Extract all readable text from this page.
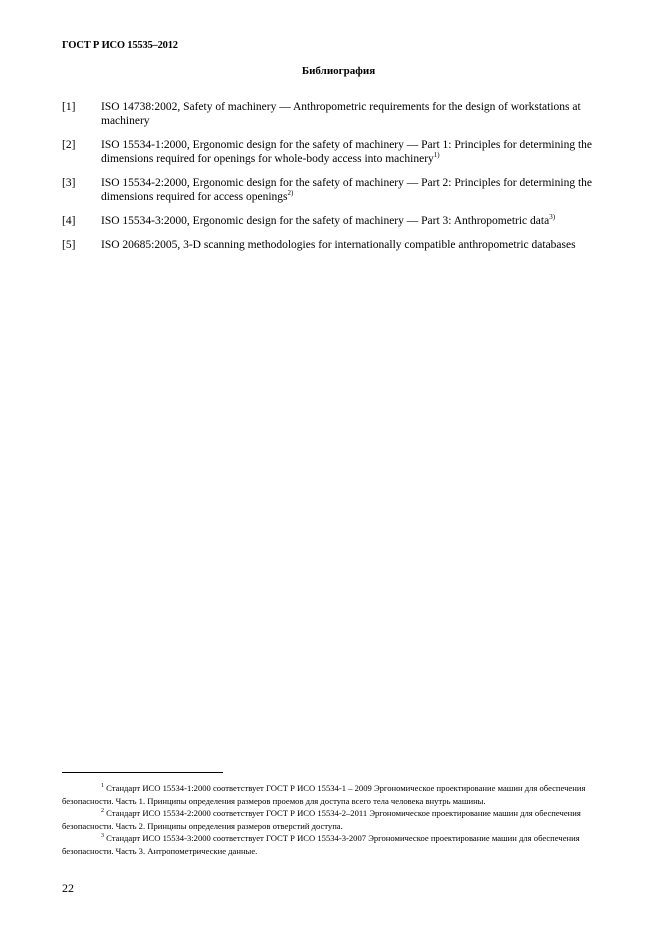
ГОСТ Р ИСО 15535–2012
Библиография
[1]	ISO 14738:2002, Safety of machinery — Anthropometric requirements for the design of workstations at machinery
[2]	ISO 15534-1:2000, Ergonomic design for the safety of machinery — Part 1: Principles for determining the dimensions required for openings for whole-body access into machinery$^{1)}$
[3]	ISO 15534-2:2000, Ergonomic design for the safety of machinery — Part 2: Principles for determining the dimensions required for access openings$^{2)}$
[4]	ISO 15534-3:2000, Ergonomic design for the safety of machinery — Part 3: Anthropometric data$^{3)}$
[5]	ISO 20685:2005, 3-D scanning methodologies for internationally compatible anthropometric databases

$^1$ Стандарт ИСО 15534-1:2000 соответствует ГОСТ Р ИСО 15534-1 – 2009 Эргономическое проектирование машин для обеспечения безопасности. Часть 1. Принципы определения размеров проемов для доступа всего тела человека внутрь машины.

$^2$ Стандарт ИСО 15534-2:2000 соответствует ГОСТ Р ИСО 15534-2–2011 Эргономическое проектирование машин для обеспечения безопасности. Часть 2. Принципы определения размеров отверстий доступа.

$^3$ Стандарт ИСО 15534-3:2000 соответствует ГОСТ Р ИСО 15534-3-2007 Эргономическое проектирование машин для обеспечения безопасности. Часть 3. Антропометрические данные.

22
